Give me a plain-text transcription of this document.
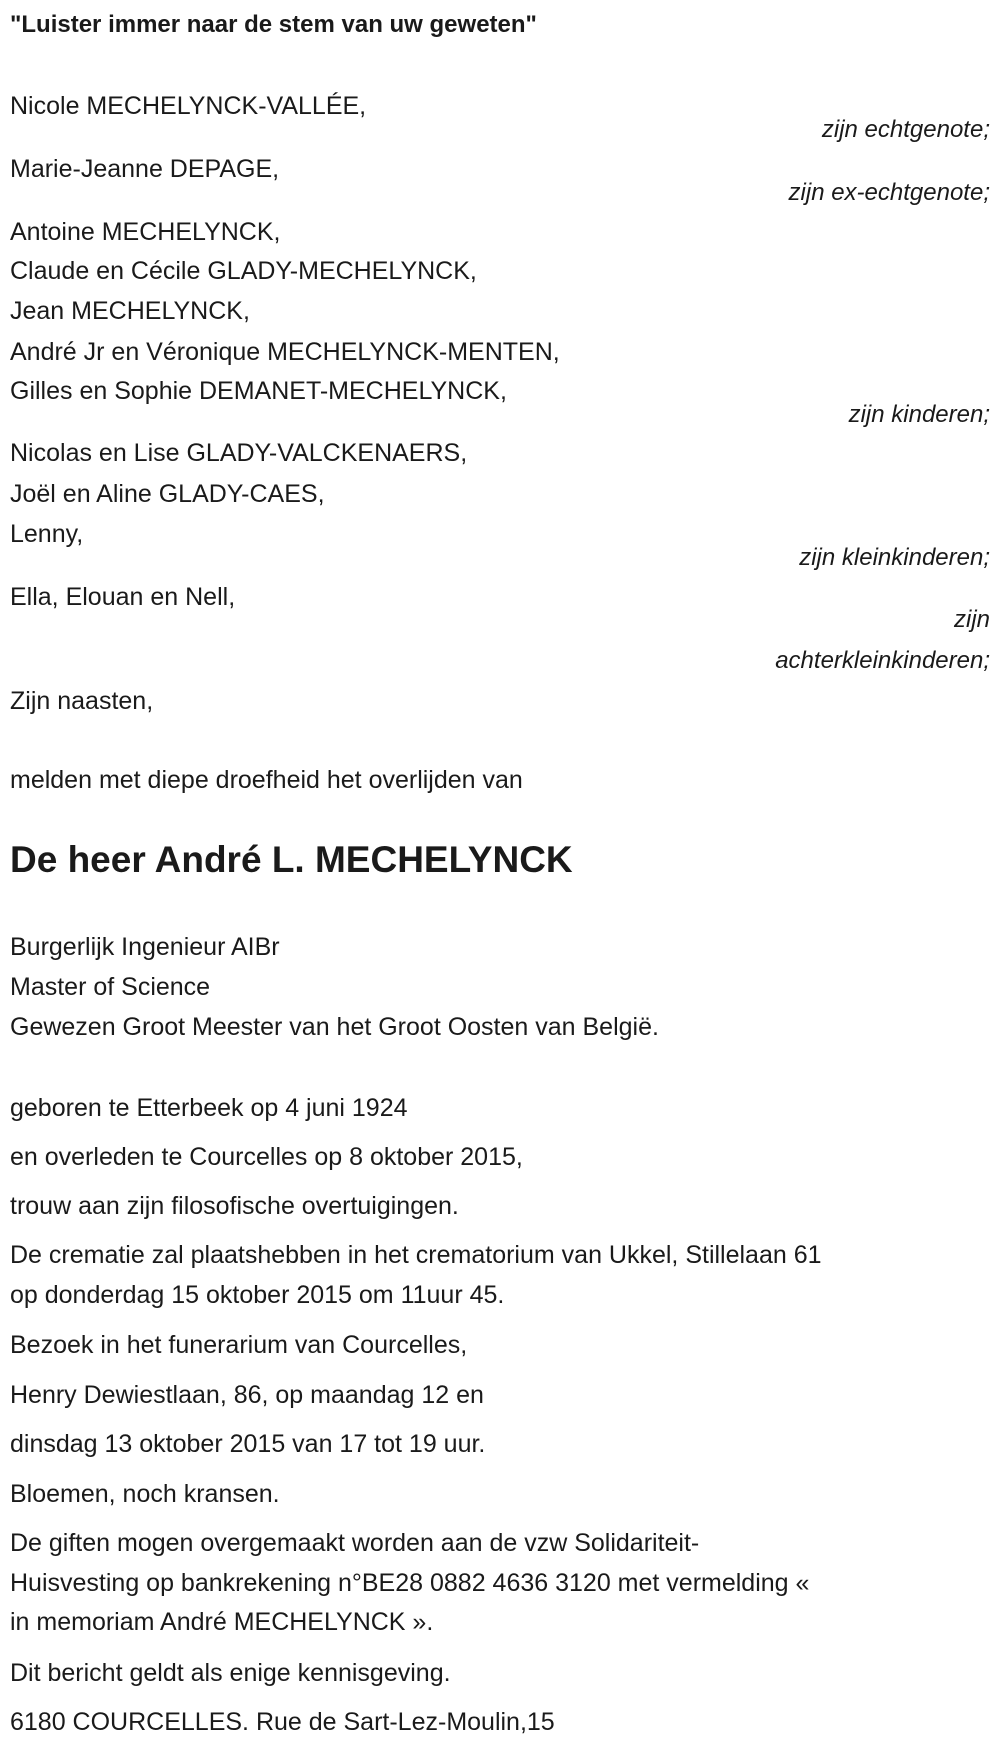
"Luister immer naar de stem van uw geweten"
Nicole MECHELYNCK-VALLÉE,
zijn echtgenote;
Marie-Jeanne DEPAGE,
zijn ex-echtgenote;
Antoine MECHELYNCK,
Claude en Cécile GLADY-MECHELYNCK,
Jean MECHELYNCK,
André Jr en Véronique MECHELYNCK-MENTEN,
Gilles en Sophie DEMANET-MECHELYNCK,
zijn kinderen;
Nicolas en Lise GLADY-VALCKENAERS,
Joël en Aline GLADY-CAES,
Lenny,
zijn kleinkinderen;
Ella, Elouan en Nell,
zijn
achterkleinkinderen;
Zijn naasten,
melden met diepe droefheid het overlijden van
De heer André L. MECHELYNCK
Burgerlijk Ingenieur AIBr
Master of Science
Gewezen Groot Meester van het Groot Oosten van België.
geboren te Etterbeek op 4 juni 1924
en overleden te Courcelles op 8 oktober 2015,
trouw aan zijn filosofische overtuigingen.
De crematie zal plaatshebben in het crematorium van Ukkel, Stillelaan 61
op donderdag 15 oktober 2015 om 11uur 45.
Bezoek in het funerarium van Courcelles,
Henry Dewiestlaan, 86, op maandag 12 en
dinsdag 13 oktober 2015 van 17 tot 19 uur.
Bloemen, noch kransen.
De giften mogen overgemaakt worden aan de vzw Solidariteit-
Huisvesting op bankrekening n°BE28 0882 4636 3120 met vermelding «
in memoriam André MECHELYNCK ».
Dit bericht geldt als enige kennisgeving.
6180 COURCELLES. Rue de Sart-Lez-Moulin,15
